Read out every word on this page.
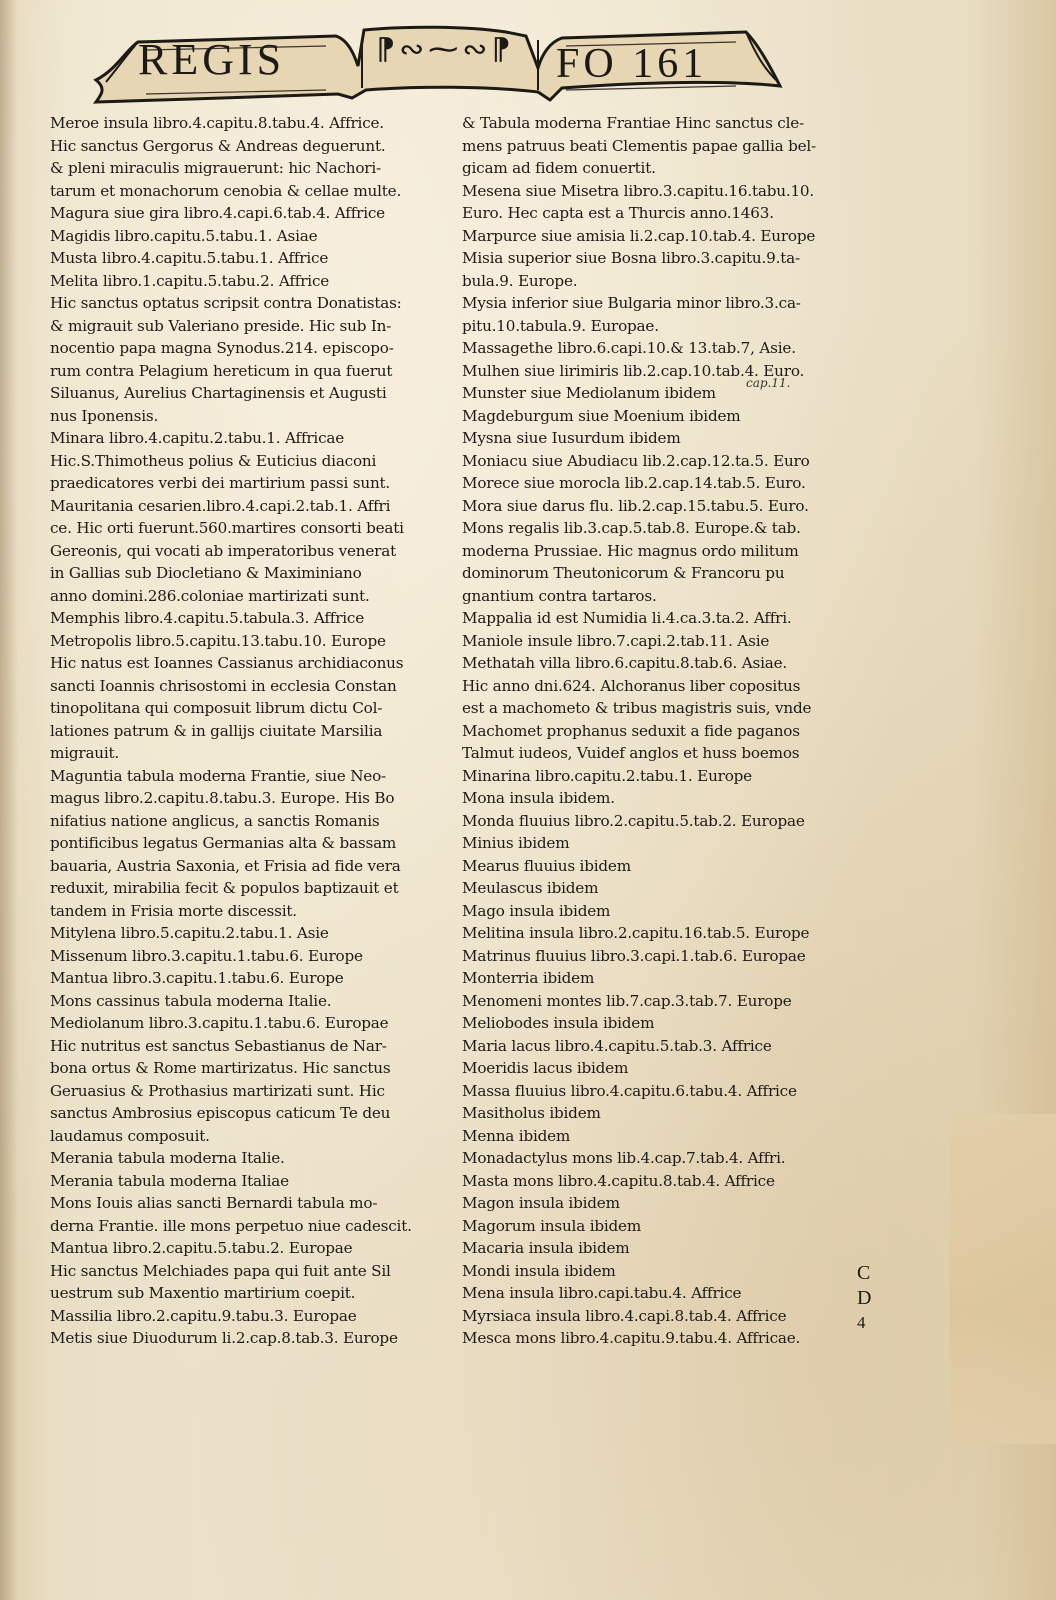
REGIS	⁋∾⁓∾⁋ FO 161
Meroe insula libro.4.capitu.8.tabu.4. Affrice.
Hic sanctus Gergorus & Andreas deguerunt.
& pleni miraculis migrauerunt: hic Nachori-
tarum et monachorum cenobia & cellae multe.
Magura siue gira libro.4.capi.6.tab.4. Affrice
Magidis libro.capitu.5.tabu.1. Asiae
Musta libro.4.capitu.5.tabu.1. Affrice
Melita libro.1.capitu.5.tabu.2. Affrice
Hic sanctus optatus scripsit contra Donatistas:
& migrauit sub Valeriano preside. Hic sub In-
nocentio papa magna Synodus.214. episcopo-
rum contra Pelagium hereticum in qua fuerut
Siluanus, Aurelius Chartaginensis et Augusti
nus Iponensis.
Minara libro.4.capitu.2.tabu.1. Affricae
Hic.S.Thimotheus polius & Euticius diaconi
praedicatores verbi dei martirium passi sunt.
Mauritania cesarien.libro.4.capi.2.tab.1. Affri
ce. Hic orti fuerunt.560.martires consorti beati
Gereonis, qui vocati ab imperatoribus venerat
in Gallias sub Diocletiano & Maximiniano
anno domini.286.coloniae martirizati sunt.
Memphis libro.4.capitu.5.tabula.3. Affrice
Metropolis libro.5.capitu.13.tabu.10. Europe
Hic natus est Ioannes Cassianus archidiaconus
sancti Ioannis chrisostomi in ecclesia Constan
tinopolitana qui composuit librum dictu Col-
lationes patrum & in gallijs ciuitate Marsilia
migrauit.
Maguntia tabula moderna Frantie, siue Neo-
magus libro.2.capitu.8.tabu.3. Europe. His Bo
nifatius natione anglicus, a sanctis Romanis
pontificibus legatus Germanias alta & bassam
bauaria, Austria Saxonia, et Frisia ad fide vera
reduxit, mirabilia fecit & populos baptizauit et
tandem in Frisia morte discessit.
Mitylena libro.5.capitu.2.tabu.1. Asie
Missenum libro.3.capitu.1.tabu.6. Europe
Mantua libro.3.capitu.1.tabu.6. Europe
Mons cassinus tabula moderna Italie.
Mediolanum libro.3.capitu.1.tabu.6. Europae
Hic nutritus est sanctus Sebastianus de Nar-
bona ortus & Rome martirizatus. Hic sanctus
Geruasius & Prothasius martirizati sunt. Hic
sanctus Ambrosius episcopus caticum Te deu
laudamus composuit.
Merania tabula moderna Italie.
Merania tabula moderna Italiae
Mons Iouis alias sancti Bernardi tabula mo-
derna Frantie. ille mons perpetuo niue cadescit.
Mantua libro.2.capitu.5.tabu.2. Europae
Hic sanctus Melchiades papa qui fuit ante Sil
uestrum sub Maxentio martirium coepit.
Massilia libro.2.capitu.9.tabu.3. Europae
Metis siue Diuodurum li.2.cap.8.tab.3. Europe
& Tabula moderna Frantiae Hinc sanctus cle-
mens patruus beati Clementis papae gallia bel-
gicam ad fidem conuertit.
Mesena siue Misetra libro.3.capitu.16.tabu.10.
Euro. Hec capta est a Thurcis anno.1463.
Marpurce siue amisia li.2.cap.10.tab.4. Europe
Misia superior siue Bosna libro.3.capitu.9.ta-
bula.9. Europe.
Mysia inferior siue Bulgaria minor libro.3.ca-
pitu.10.tabula.9. Europae.
Massagethe libro.6.capi.10.& 13.tab.7, Asie.
Mulhen siue lirimiris lib.2.cap.10.tab.4. Euro.
Munster siue Mediolanum ibidem
Magdeburgum siue Moenium ibidem
Mysna siue Iusurdum ibidem
Moniacu siue Abudiacu lib.2.cap.12.ta.5. Euro
Morece siue morocla lib.2.cap.14.tab.5. Euro.
Mora siue darus flu. lib.2.cap.15.tabu.5. Euro.
Mons regalis lib.3.cap.5.tab.8. Europe.& tab.
moderna Prussiae. Hic magnus ordo militum
dominorum Theutonicorum & Francoru pu
gnantium contra tartaros.
Mappalia id est Numidia li.4.ca.3.ta.2. Affri.
Maniole insule libro.7.capi.2.tab.11. Asie
Methatah villa libro.6.capitu.8.tab.6. Asiae.
Hic anno dni.624. Alchoranus liber copositus
est a machometo & tribus magistris suis, vnde
Machomet prophanus seduxit a fide paganos
Talmut iudeos, Vuidef anglos et huss boemos
Minarina libro.capitu.2.tabu.1. Europe
Mona insula ibidem.
Monda fluuius libro.2.capitu.5.tab.2. Europae
Minius ibidem
Mearus fluuius ibidem
Meulascus ibidem
Mago insula ibidem
Melitina insula libro.2.capitu.16.tab.5. Europe
Matrinus fluuius libro.3.capi.1.tab.6. Europae
Monterria ibidem
Menomeni montes lib.7.cap.3.tab.7. Europe
Meliobodes insula ibidem
Maria lacus libro.4.capitu.5.tab.3. Affrice
Moeridis lacus ibidem
Massa fluuius libro.4.capitu.6.tabu.4. Affrice
Masitholus ibidem
Menna ibidem
Monadactylus mons lib.4.cap.7.tab.4. Affri.
Masta mons libro.4.capitu.8.tab.4. Affrice
Magon insula ibidem
Magorum insula ibidem
Macaria insula ibidem
Mondi insula ibidem
Mena insula libro.capi.tabu.4. Affrice
Myrsiaca insula libro.4.capi.8.tab.4. Affrice
Mesca mons libro.4.capitu.9.tabu.4. Affricae.
cap.11.
C
D
4
